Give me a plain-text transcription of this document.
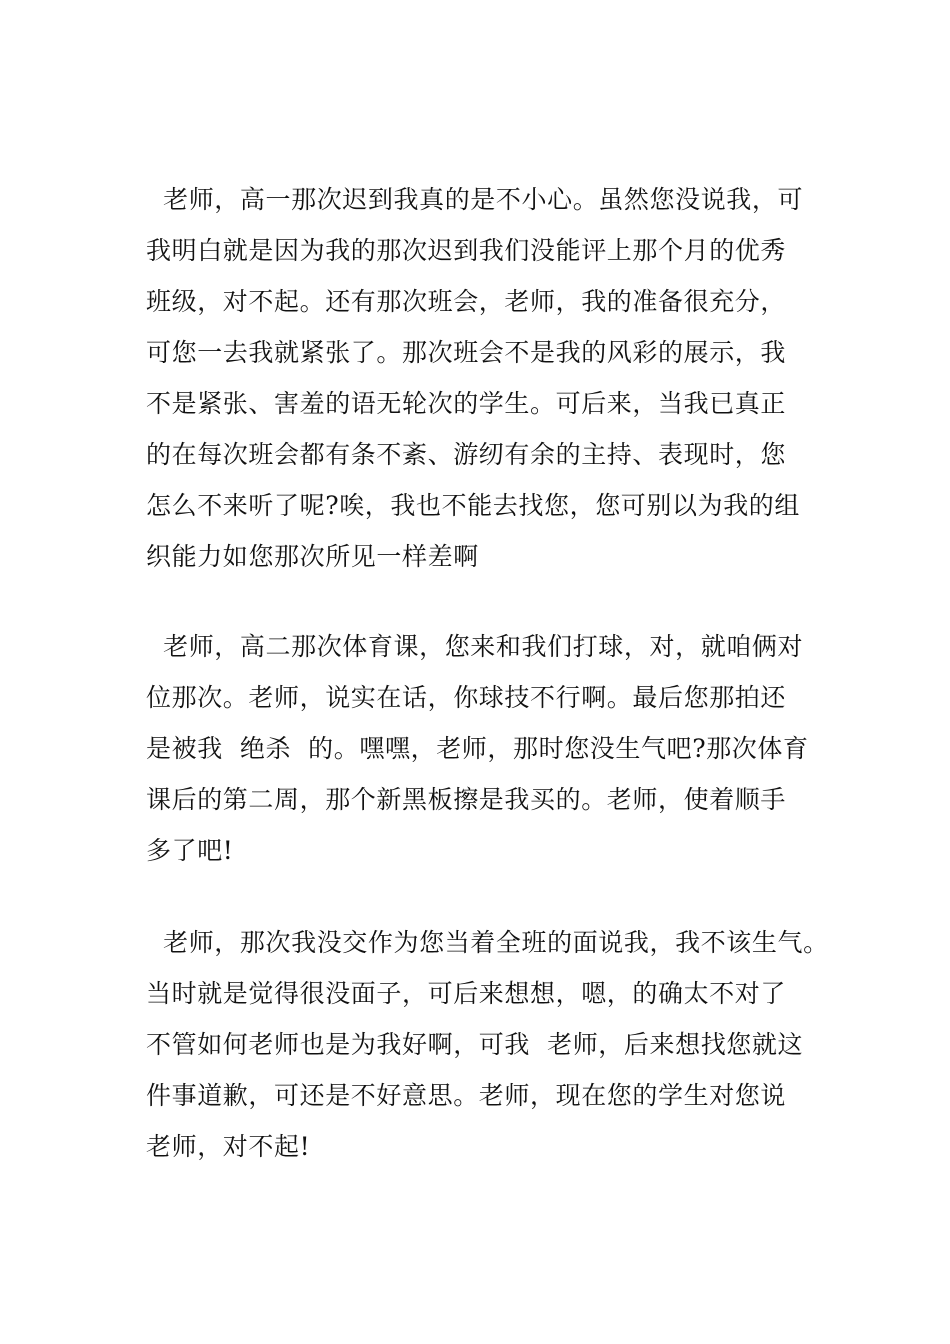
老师，高一那次迟到我真的是不小心。虽然您没说我，可
我明白就是因为我的那次迟到我们没能评上那个月的优秀
班级，对不起。还有那次班会，老师，我的准备很充分，
可您一去我就紧张了。那次班会不是我的风彩的展示，我
不是紧张、害羞的语无轮次的学生。可后来，当我已真正
的在每次班会都有条不紊、游纫有余的主持、表现时，您
怎么不来听了呢?唉，我也不能去找您，您可别以为我的组
织能力如您那次所见一样差啊
老师，高二那次体育课，您来和我们打球，对，就咱俩对
位那次。老师，说实在话，你球技不行啊。最后您那拍还
是被我  绝杀  的。嘿嘿，老师，那时您没生气吧?那次体育
课后的第二周，那个新黑板擦是我买的。老师，使着顺手
多了吧!
老师，那次我没交作为您当着全班的面说我，我不该生气。
当时就是觉得很没面子，可后来想想，嗯，的确太不对了
不管如何老师也是为我好啊，可我  老师，后来想找您就这
件事道歉，可还是不好意思。老师，现在您的学生对您说
老师，对不起!
